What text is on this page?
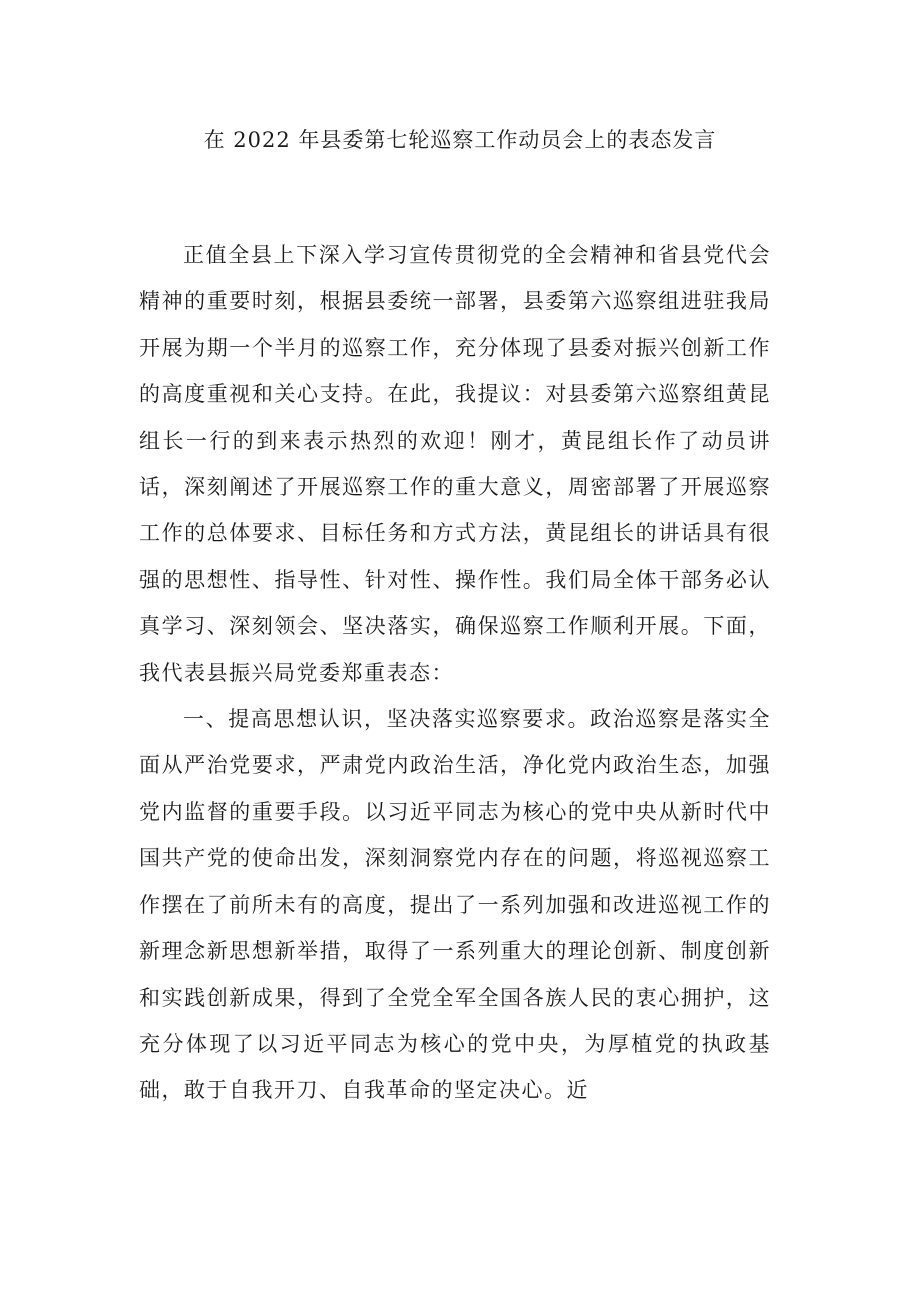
在 2022 年县委第七轮巡察工作动员会上的表态发言

正值全县上下深入学习宣传贯彻党的全会精神和省县党代会精神的重要时刻，根据县委统一部署，县委第六巡察组进驻我局开展为期一个半月的巡察工作，充分体现了县委对振兴创新工作的高度重视和关心支持。在此，我提议：对县委第六巡察组黄昆组长一行的到来表示热烈的欢迎！刚才，黄昆组长作了动员讲话，深刻阐述了开展巡察工作的重大意义，周密部署了开展巡察工作的总体要求、目标任务和方式方法，黄昆组长的讲话具有很强的思想性、指导性、针对性、操作性。我们局全体干部务必认真学习、深刻领会、坚决落实，确保巡察工作顺利开展。下面，我代表县振兴局党委郑重表态：

一、提高思想认识，坚决落实巡察要求。政治巡察是落实全面从严治党要求，严肃党内政治生活，净化党内政治生态，加强党内监督的重要手段。以习近平同志为核心的党中央从新时代中国共产党的使命出发，深刻洞察党内存在的问题，将巡视巡察工作摆在了前所未有的高度，提出了一系列加强和改进巡视工作的新理念新思想新举措，取得了一系列重大的理论创新、制度创新和实践创新成果，得到了全党全军全国各族人民的衷心拥护，这充分体现了以习近平同志为核心的党中央，为厚植党的执政基础，敢于自我开刀、自我革命的坚定决心。近
